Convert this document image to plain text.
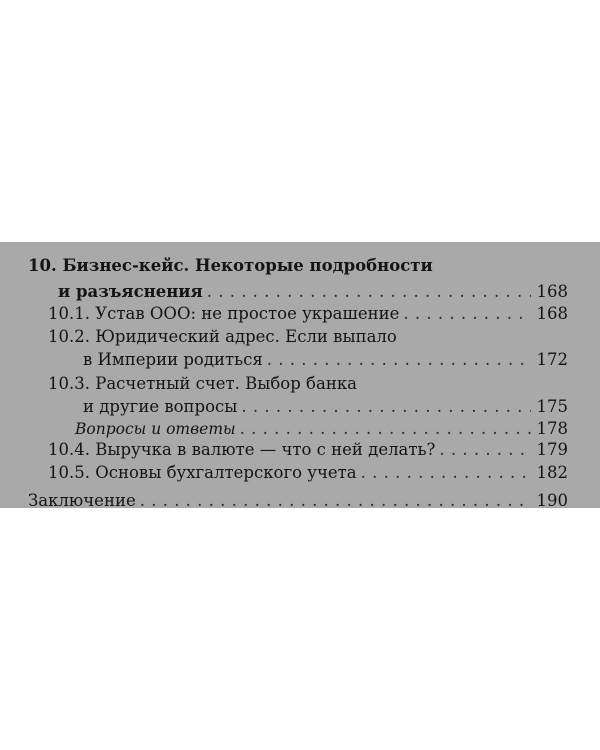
10. Бизнес-кейс. Некоторые подробности
и разъяснения . . .	168
10.1. Устав ООО: не простое украшение . . .	168
10.2. Юридический адрес. Если выпало
в Империи родиться . . .	172
10.3. Расчетный счет. Выбор банка
и другие вопросы . . .	175
Вопросы и ответы . . .	178
10.4. Выручка в валюте — что с ней делать? . . .	179
10.5. Основы бухгалтерского учета . . .	182
Заключение . . .	190
